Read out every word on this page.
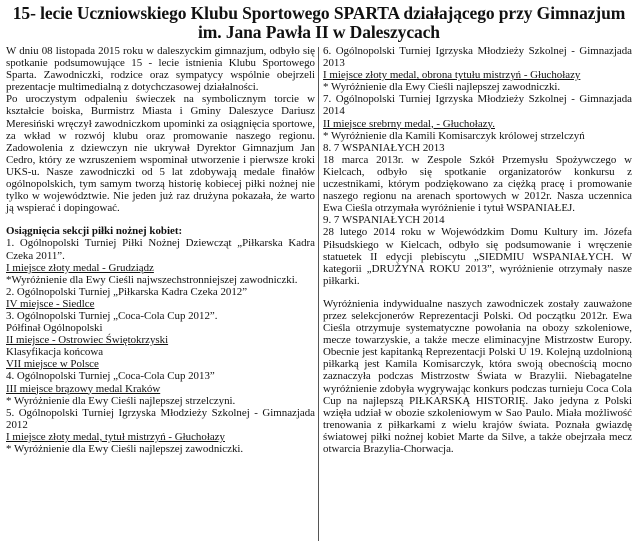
15- lecie Uczniowskiego Klubu Sportowego SPARTA działającego przy Gimnazjum im. Jana Pawła II w Daleszycach

W dniu 08 listopada 2015 roku w daleszyckim gimnazjum, odbyło się spotkanie podsumowujące 15 - lecie istnienia Klubu Sportowego Sparta. Zawodniczki, rodzice oraz sympatycy wspólnie obejrzeli prezentacje multimedialną z dotychczasowej działalności.

Po uroczystym odpaleniu świeczek na symbolicznym torcie w kształcie boiska, Burmistrz Miasta i Gminy Daleszyce Dariusz Meresiński wręczył zawodniczkom upominki za osiągnięcia sportowe, za wkład w rozwój klubu oraz promowanie naszego regionu. Zadowolenia z dziewczyn nie ukrywał Dyrektor Gimnazjum Jan Cedro, który ze wzruszeniem wspominał utworzenie i pierwsze kroki UKS-u. Nasze zawodniczki od 5 lat zdobywają medale finałów ogólnopolskich, tym samym tworzą historię kobiecej piłki nożnej nie tylko w województwie. Nie jeden już raz drużyna pokazała, że warto ją wspierać i dopingować.

Osiągnięcia sekcji piłki nożnej kobiet:

1. Ogólnopolski Turniej Piłki Nożnej Dziewcząt „Piłkarska Kadra Czeka 2011”.

I miejsce złoty medal - Grudziądz

*Wyróżnienie dla Ewy Cieśli najwszechstronniejszej zawodniczki.

2. Ogólnopolski Turniej „Piłkarska Kadra Czeka 2012”

IV miejsce - Siedlce

3. Ogólnopolski Turniej „Coca-Cola Cup 2012”.

Półfinał Ogólnopolski

II miejsce - Ostrowiec Świętokrzyski

Klasyfikacja końcowa

VII miejsce w Polsce

4. Ogólnopolski Turniej „Coca-Cola Cup 2013”

III miejsce brązowy medal Kraków

* Wyróżnienie dla Ewy Cieśli najlepszej strzelczyni.

5. Ogólnopolski Turniej Igrzyska Młodzieży Szkolnej - Gimnazjada 2012

I miejsce złoty medal, tytuł mistrzyń - Głuchołazy

* Wyróżnienie dla Ewy Cieśli najlepszej zawodniczki.

6. Ogólnopolski Turniej Igrzyska Młodzieży Szkolnej - Gimnazjada 2013

I miejsce złoty medal, obrona tytułu mistrzyń - Głuchołazy

* Wyróżnienie dla Ewy Cieśli najlepszej zawodniczki.

7. Ogólnopolski Turniej Igrzyska Młodzieży Szkolnej - Gimnazjada 2014

II miejsce srebrny medal, - Głuchołazy.

* Wyróżnienie dla Kamili Komisarczyk królowej strzelczyń

8. 7 WSPANIAŁYCH 2013

18 marca 2013r. w Zespole Szkół Przemysłu Spożywczego w Kielcach, odbyło się spotkanie organizatorów konkursu z uczestnikami, którym podziękowano za ciężką pracę i promowanie naszego regionu na arenach sportowych w 2012r. Nasza uczennica Ewa Cieśla otrzymała wyróżnienie i tytuł WSPANIAŁEJ.

9. 7 WSPANIAŁYCH 2014

28 lutego 2014 roku w Wojewódzkim Domu Kultury im. Józefa Piłsudskiego w Kielcach, odbyło się podsumowanie i wręczenie statuetek II edycji plebiscytu „SIEDMIU WSPANIAŁYCH. W kategorii „DRUŻYNA ROKU 2013”, wyróżnienie otrzymały nasze piłkarki.

Wyróżnienia indywidualne naszych zawodniczek zostały zauważone przez selekcjonerów Reprezentacji Polski. Od początku 2012r. Ewa Cieśla otrzymuje systematyczne powołania na obozy szkoleniowe, mecze towarzyskie, a także mecze eliminacyjne Mistrzostw Europy. Obecnie jest kapitanką Reprezentacji Polski U 19. Kolejną uzdolnioną piłkarką jest Kamila Komisarczyk, która swoją obecnością mocno zaznaczyła podczas Mistrzostw Świata w Brazylii. Niebagatelne wyróżnienie zdobyła wygrywając konkurs podczas turnieju Coca Cola Cup na najlepszą PIŁKARSKĄ HISTORIĘ. Jako jedyna z Polski wzięła udział w obozie szkoleniowym w Sao Paulo. Miała możliwość trenowania z piłkarkami z wielu krajów świata. Poznała gwiazdę światowej piłki nożnej kobiet Marte da Silve, a także obejrzała mecz otwarcia Brazylia-Chorwacja.
